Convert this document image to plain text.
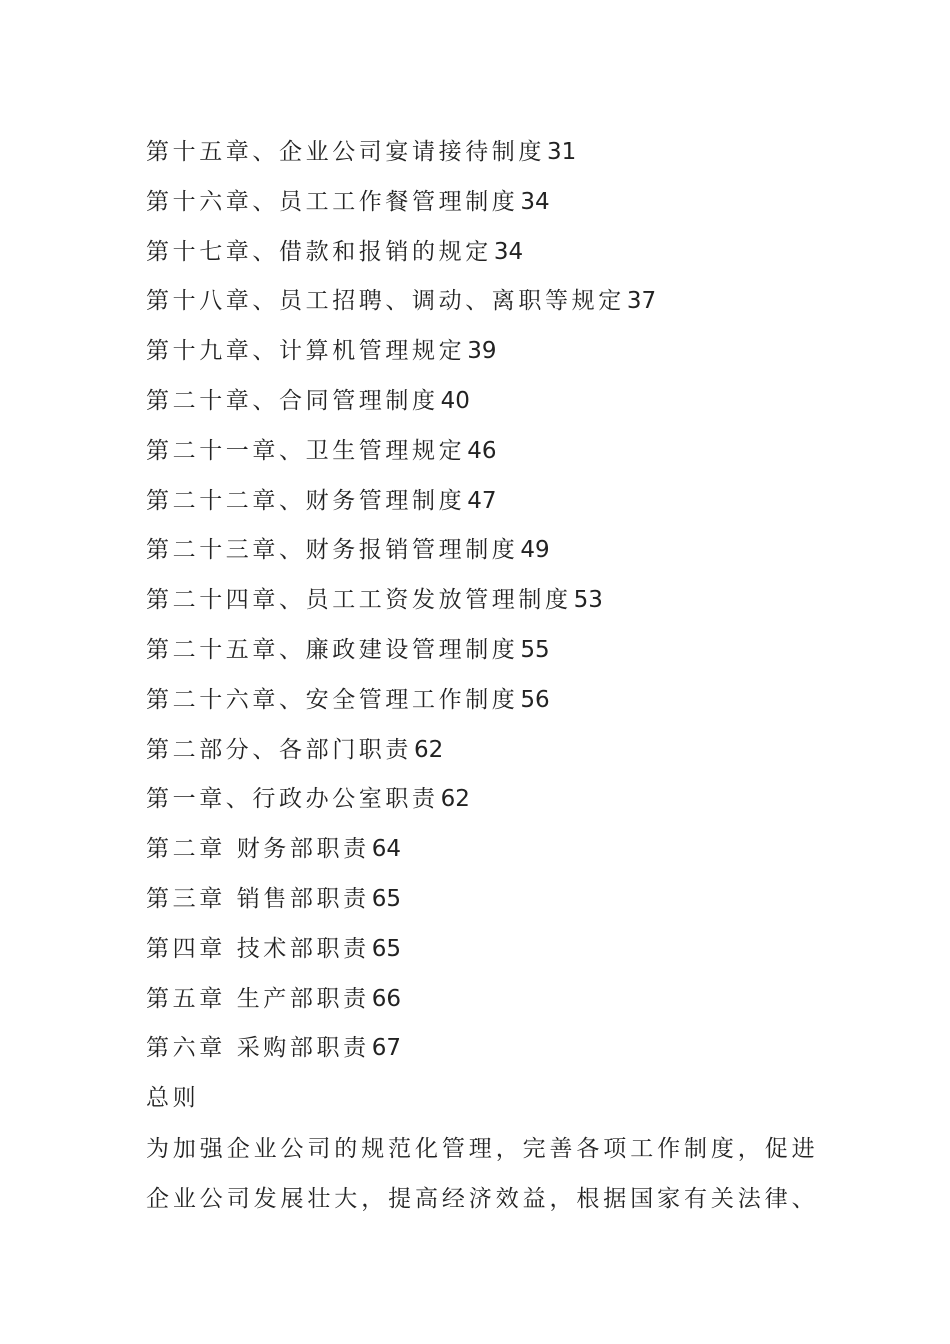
第十五章、企业公司宴请接待制度31
第十六章、员工工作餐管理制度34
第十七章、借款和报销的规定34
第十八章、员工招聘、调动、离职等规定37
第十九章、计算机管理规定39
第二十章、合同管理制度40
第二十一章、卫生管理规定46
第二十二章、财务管理制度47
第二十三章、财务报销管理制度49
第二十四章、员工工资发放管理制度53
第二十五章、廉政建设管理制度55
第二十六章、安全管理工作制度56
第二部分、各部门职责62
第一章、行政办公室职责62
第二章 财务部职责64
第三章 销售部职责65
第四章 技术部职责65
第五章 生产部职责66
第六章 采购部职责67
总则
为加强企业公司的规范化管理，完善各项工作制度，促进
企业公司发展壮大，提高经济效益，根据国家有关法律、
